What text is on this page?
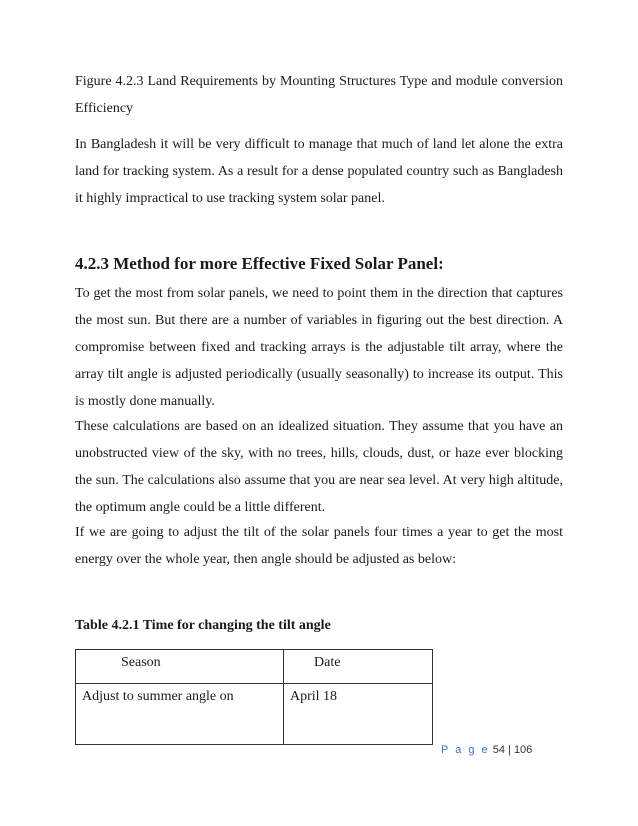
Figure 4.2.3 Land Requirements by Mounting Structures Type and module conversion Efficiency

In Bangladesh it will be very difficult to manage that much of land let alone the extra land for tracking system. As a result for a dense populated country such as Bangladesh it highly impractical to use tracking system solar panel.

4.2.3 Method for more Effective Fixed Solar Panel:

To get the most from solar panels, we need to point them in the direction that captures the most sun. But there are a number of variables in figuring out the best direction. A compromise between fixed and tracking arrays is the adjustable tilt array, where the array tilt angle is adjusted periodically (usually seasonally) to increase its output. This is mostly done manually.

These calculations are based on an idealized situation. They assume that you have an unobstructed view of the sky, with no trees, hills, clouds, dust, or haze ever blocking the sun. The calculations also assume that you are near sea level. At very high altitude, the optimum angle could be a little different.

If we are going to adjust the tilt of the solar panels four times a year to get the most energy over the whole year, then angle should be adjusted as below:

Table 4.2.1 Time for changing the tilt angle
Season	Date
Adjust to summer angle on	April 18
P a g e 54 | 106
